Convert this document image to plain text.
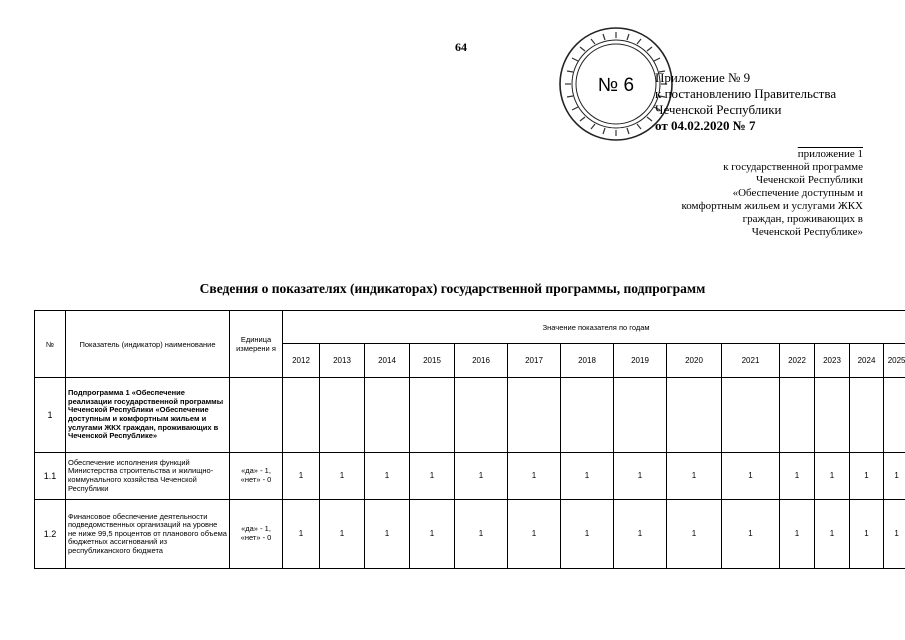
64
№ 6 Приложение № 9
к постановлению Правительства
Чеченской Республики
от 04.02.2020 № 7
приложение 1
к государственной программе
Чеченской Республики
«Обеспечение доступным и
комфортным жильем и услугами ЖКХ
граждан, проживающих в
Чеченской Республике»
Сведения о показателях (индикаторах) государственной программы, подпрограмм
№	Показатель (индикатор) наименование	Единица измерени я	Значение показателя по годам													
			2012	2013	2014	2015	2016	2017	2018	2019	2020	2021	2022	2023	2024	2025
1	Подпрограмма 1 «Обеспечение реализации государственной программы Чеченской Республики «Обеспечение доступным и комфортным жильем и услугами ЖКХ граждан, проживающих в Чеченской Республике»															
1.1	Обеспечение исполнения функций Министерства строительства и жилищно-коммунального хозяйства Чеченской Республики	«да» - 1, «нет» - 0	1	1	1	1	1	1	1	1	1	1	1	1	1	1
1.2	Финансовое обеспечение деятельности подведомственных организаций на уровне не ниже 99,5 процентов от планового объема бюджетных ассигнований из республиканского бюджета	«да» - 1, «нет» - 0	1	1	1	1	1	1	1	1	1	1	1	1	1	1
